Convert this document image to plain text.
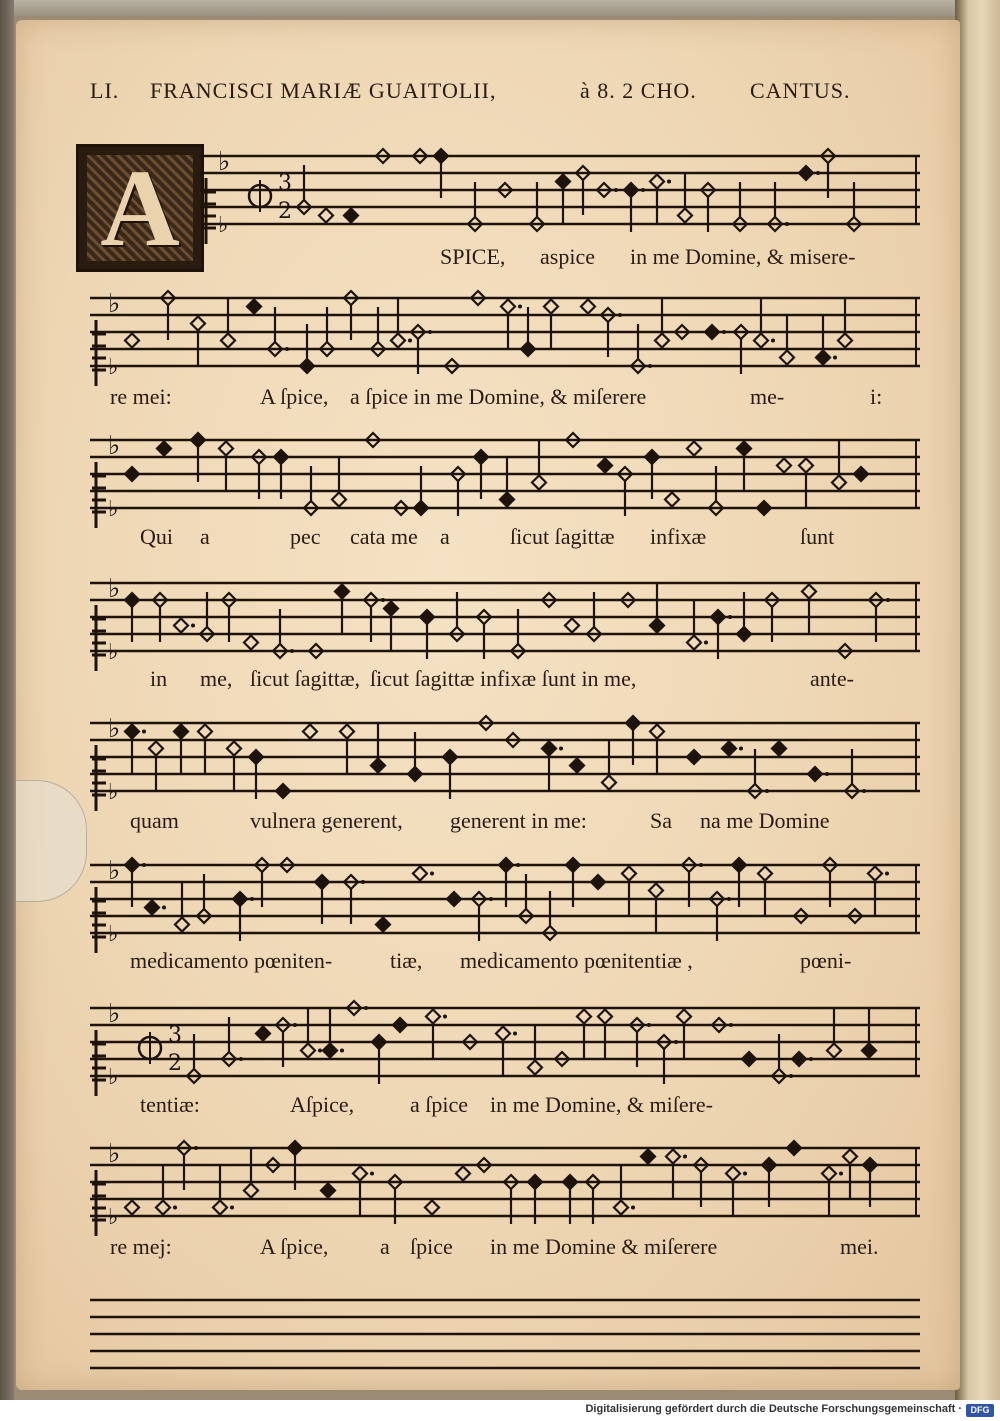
LI.	FRANCISCI MARIÆ GUAITOLII,	à 8. 2 CHO.	CANTUS.
A	♭
♭
3
2
SPICE, aspice in me Domine, & misere-
♭
♭
re mei:	A ſpice, a ſpice in me Domine, & miſerere	me-	i:
♭
♭
Qui a	pec cata me a	ſicut ſagittæ infixæ	ſunt
♭
♭
in me, ſicut ſagittæ, ſicut ſagittæ infixæ ſunt in me,	ante-
♭
♭
quam	vulnera generent, generent in me:	Sa na me Domine
♭
♭
medicamento pœniten-	tiæ, medicamento pœnitentiæ ,	pœni-
♭
♭
3
2
tentiæ:	Aſpice,	a ſpice in me Domine, & miſere-
♭
♭
re mej:	A ſpice, a ſpice in me Domine & miſerere	mei.
Digitalisierung gefördert durch die Deutsche Forschungsgemeinschaft · DFG
